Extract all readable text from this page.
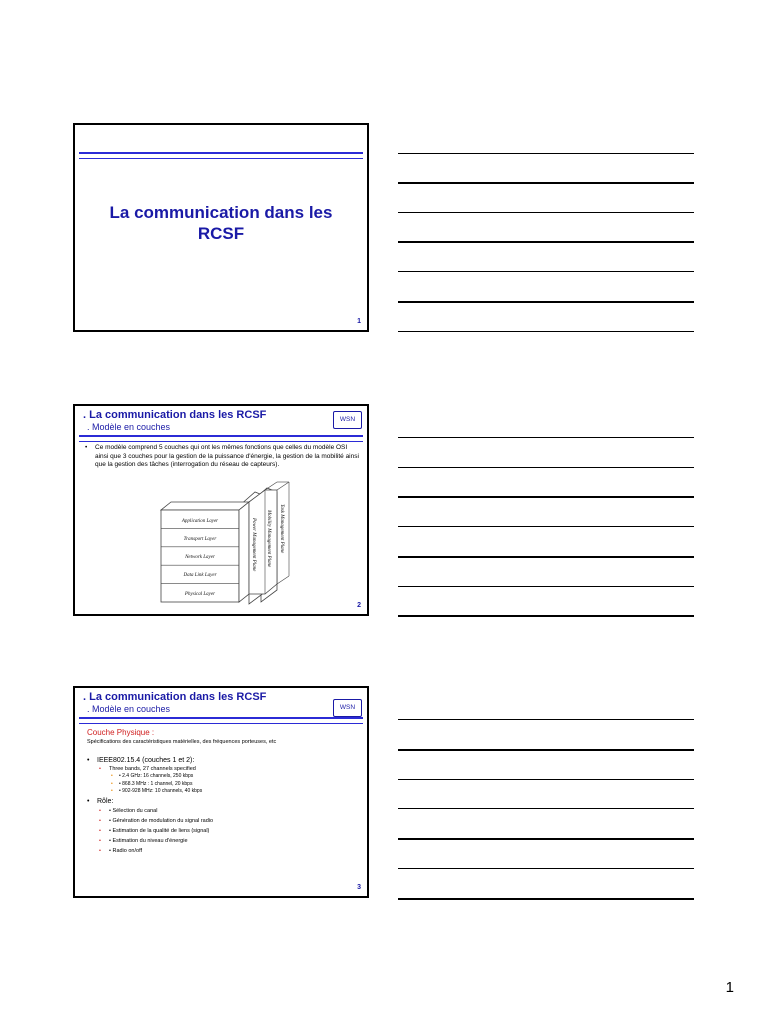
La communication dans les RCSF
1
. La communication dans les RCSF
. Modèle en couches
WSN
• Ce modèle comprend 5 couches qui ont les mêmes fonctions que celles du modèle OSI ainsi que 3 couches pour la gestion de la puissance d'énergie, la gestion de la mobilité ainsi que la gestion des tâches (interrogation du réseau de capteurs).
Application Layer
Transport Layer
Network Layer
Data Link Layer
Physical Layer
Power Management Plane Mobility Management Plane Task Management Plane
2
. La communication dans les RCSF
. Modèle en couches	WSN
Couche Physique :
Spécifications des caractéristiques matérielles, des fréquences porteuses, etc
• IEEE802.15.4 (couches 1 et 2):
• Three bands, 27 channels specified
• • 2.4 GHz: 16 channels, 250 kbps
• • 868.3 MHz : 1 channel, 20 kbps
• • 902-928 MHz: 10 channels, 40 kbps
• Rôle:
• • Sélection du canal
• • Génération de modulation du signal radio
• • Estimation de la qualité de liens (signal)
• • Estimation du niveau d'énergie
• • Radio on/off
3
1
